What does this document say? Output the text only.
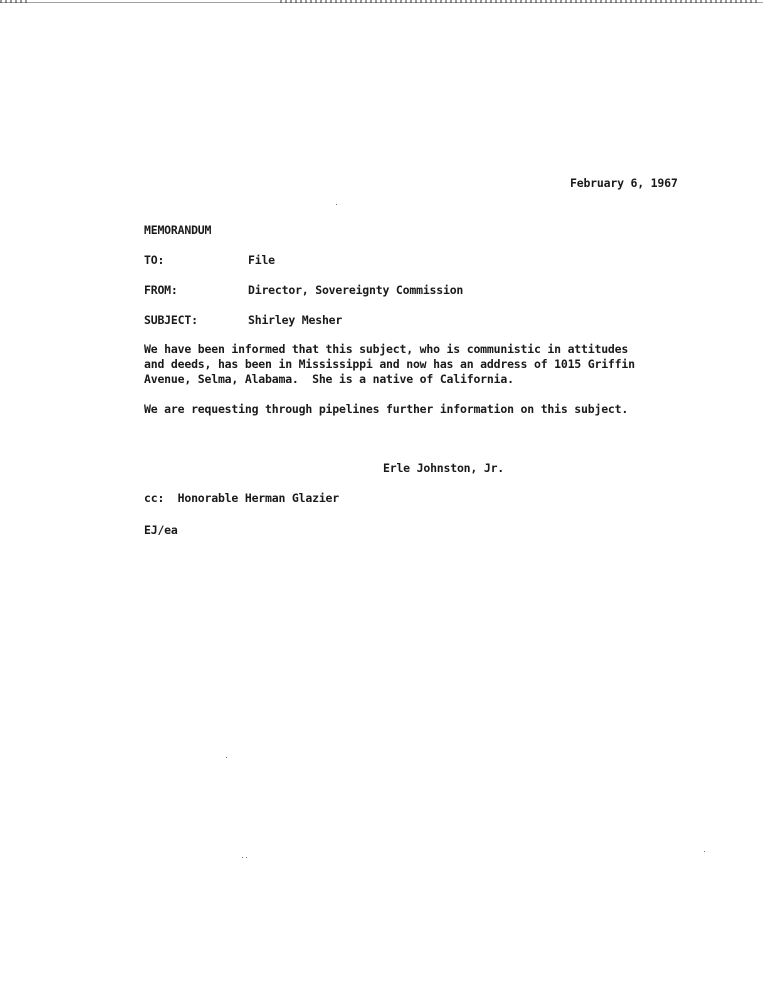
February 6, 1967
MEMORANDUM
TO:	File
FROM:	Director, Sovereignty Commission
SUBJECT:	Shirley Mesher
We have been informed that this subject, who is communistic in attitudes
and deeds, has been in Mississippi and now has an address of 1015 Griffin
Avenue, Selma, Alabama.  She is a native of California.
We are requesting through pipelines further information on this subject.
Erle Johnston, Jr.
cc:  Honorable Herman Glazier
EJ/ea
